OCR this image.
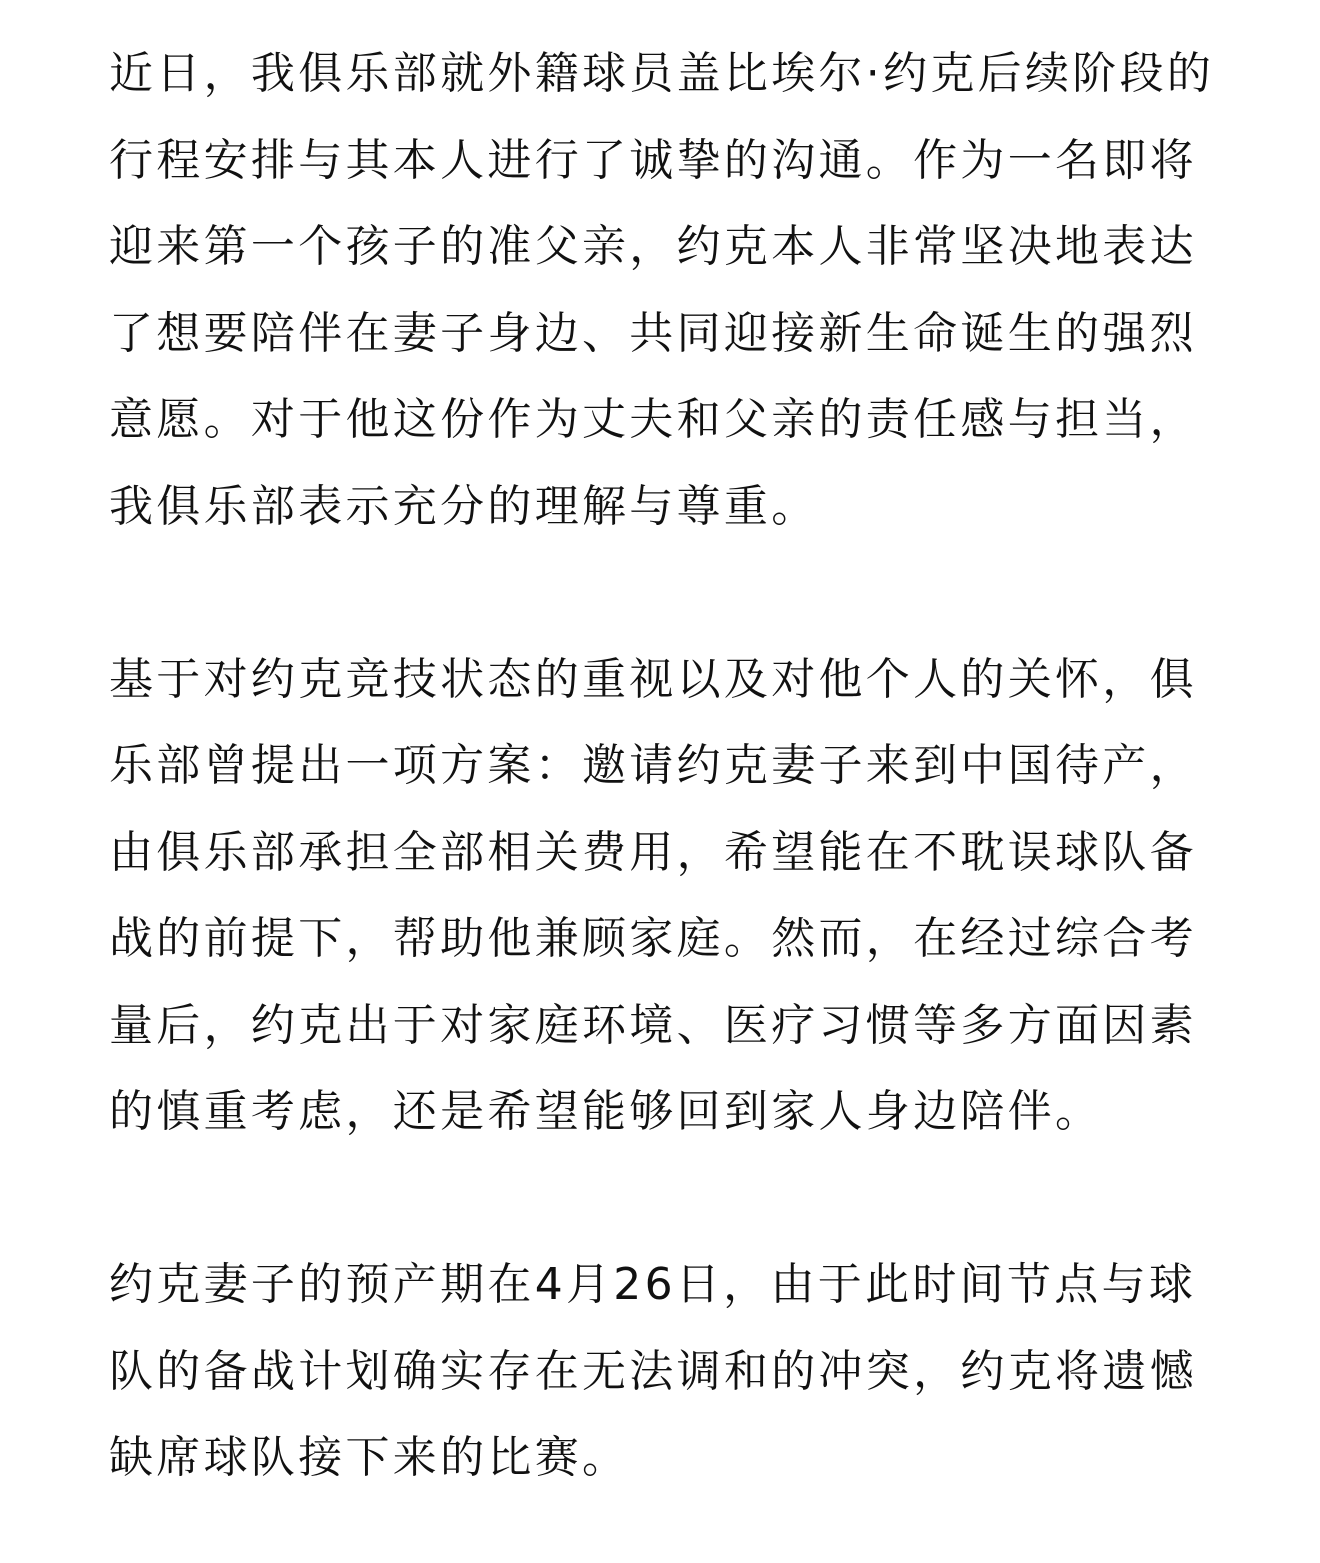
近日，我俱乐部就外籍球员盖比埃尔·约克后续阶段的
行程安排与其本人进行了诚挚的沟通。作为一名即将
迎来第一个孩子的准父亲，约克本人非常坚决地表达
了想要陪伴在妻子身边、共同迎接新生命诞生的强烈
意愿。对于他这份作为丈夫和父亲的责任感与担当，
我俱乐部表示充分的理解与尊重。

基于对约克竞技状态的重视以及对他个人的关怀，俱
乐部曾提出一项方案：邀请约克妻子来到中国待产，
由俱乐部承担全部相关费用，希望能在不耽误球队备
战的前提下，帮助他兼顾家庭。然而，在经过综合考
量后，约克出于对家庭环境、医疗习惯等多方面因素
的慎重考虑，还是希望能够回到家人身边陪伴。

约克妻子的预产期在4月26日，由于此时间节点与球
队的备战计划确实存在无法调和的冲突，约克将遗憾
缺席球队接下来的比赛。
